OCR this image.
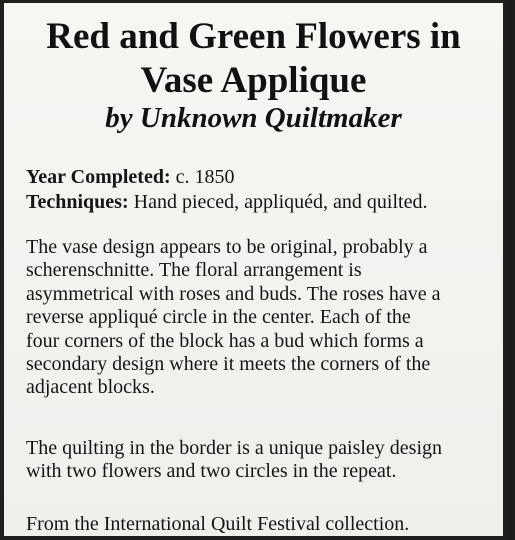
Red and Green Flowers in
Vase Applique
by Unknown Quiltmaker
Year Completed: c. 1850
Techniques: Hand pieced, appliquéd, and quilted.
The vase design appears to be original, probably a
scherenschnitte. The floral arrangement is
asymmetrical with roses and buds. The roses have a
reverse appliqué circle in the center. Each of the
four corners of the block has a bud which forms a
secondary design where it meets the corners of the
adjacent blocks.
The quilting in the border is a unique paisley design
with two flowers and two circles in the repeat.
From the International Quilt Festival collection.
